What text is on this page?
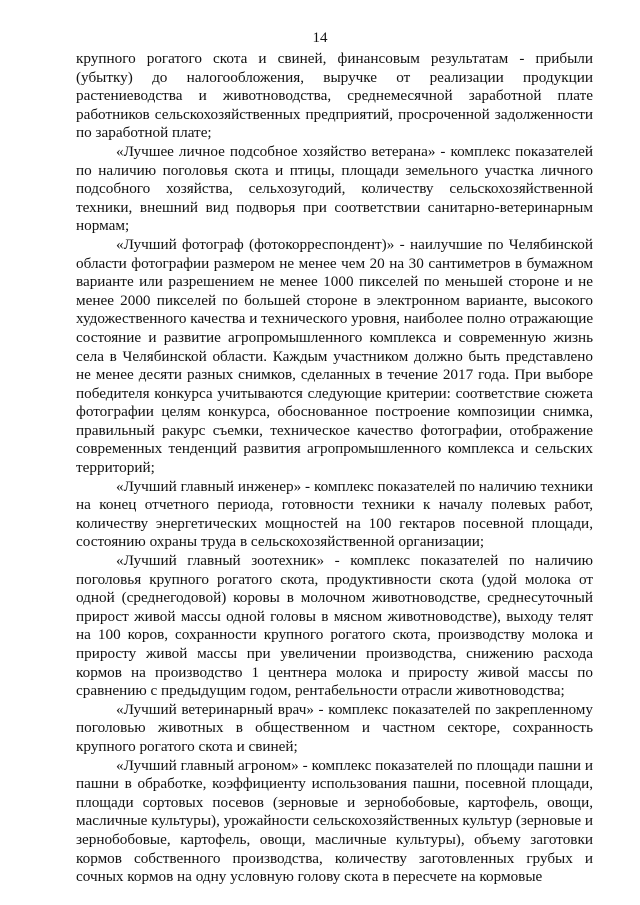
14
крупного рогатого скота и свиней, финансовым результатам - прибыли
(убытку) до налогообложения, выручке от реализации продукции
растениеводства и животноводства, среднемесячной заработной плате
работников сельскохозяйственных предприятий, просроченной задолженности
по заработной плате;
«Лучшее личное подсобное хозяйство ветерана» - комплекс показателей
по наличию поголовья скота и птицы, площади земельного участка личного
подсобного хозяйства, сельхозугодий, количеству сельскохозяйственной
техники, внешний вид подворья при соответствии санитарно-ветеринарным
нормам;
«Лучший фотограф (фотокорреспондент)» - наилучшие по Челябинской
области фотографии размером не менее чем 20 на 30 сантиметров в бумажном
варианте или разрешением не менее 1000 пикселей по меньшей стороне и не
менее 2000 пикселей по большей стороне в электронном варианте, высокого
художественного качества и технического уровня, наиболее полно отражающие
состояние и развитие агропромышленного комплекса и современную жизнь
села в Челябинской области. Каждым участником должно быть представлено
не менее десяти разных снимков, сделанных в течение 2017 года. При выборе
победителя конкурса учитываются следующие критерии: соответствие сюжета
фотографии целям конкурса, обоснованное построение композиции снимка,
правильный ракурс съемки, техническое качество фотографии, отображение
современных тенденций развития агропромышленного комплекса и сельских
территорий;
«Лучший главный инженер» - комплекс показателей по наличию техники
на конец отчетного периода, готовности техники к началу полевых работ,
количеству энергетических мощностей на 100 гектаров посевной площади,
состоянию охраны труда в сельскохозяйственной организации;
«Лучший главный зоотехник» - комплекс показателей по наличию
поголовья крупного рогатого скота, продуктивности скота (удой молока от
одной (среднегодовой) коровы в молочном животноводстве, среднесуточный
прирост живой массы одной головы в мясном животноводстве), выходу телят
на 100 коров, сохранности крупного рогатого скота, производству молока и
приросту живой массы при увеличении производства, снижению расхода
кормов на производство 1 центнера молока и приросту живой массы по
сравнению с предыдущим годом, рентабельности отрасли животноводства;
«Лучший ветеринарный врач» - комплекс показателей по закрепленному
поголовью животных в общественном и частном секторе, сохранность
крупного рогатого скота и свиней;
«Лучший главный агроном» - комплекс показателей по площади пашни и
пашни в обработке, коэффициенту использования пашни, посевной площади,
площади сортовых посевов (зерновые и зернобобовые, картофель, овощи,
масличные культуры), урожайности сельскохозяйственных культур (зерновые и
зернобобовые, картофель, овощи, масличные культуры), объему заготовки
кормов собственного производства, количеству заготовленных грубых и
сочных кормов на одну условную голову скота в пересчете на кормовые
